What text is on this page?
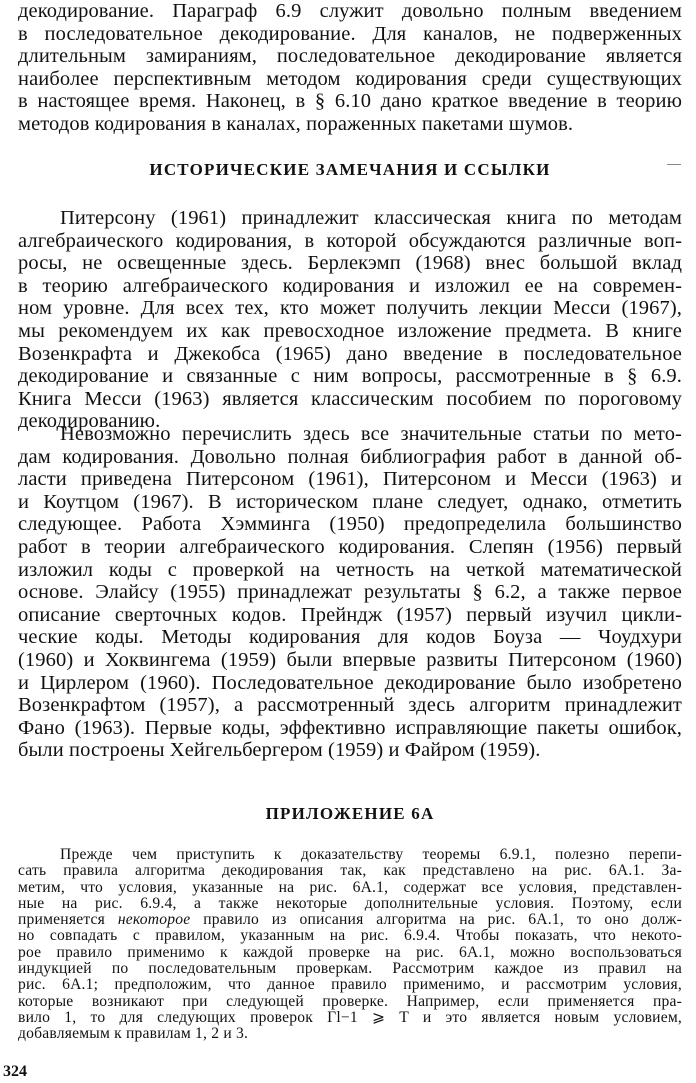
декодирование. Параграф 6.9 служит довольно полным введением
в последовательное декодирование. Для каналов, не подверженных
длительным замираниям, последовательное декодирование является
наиболее перспективным методом кодирования среди существующих
в настоящее время. Наконец, в § 6.10 дано краткое введение в теорию
методов кодирования в каналах, пораженных пакетами шумов.
ИСТОРИЧЕСКИЕ ЗАМЕЧАНИЯ И ССЫЛКИ
Питерсону (1961) принадлежит классическая книга по методам
алгебраического кодирования, в которой обсуждаются различные воп-
росы, не освещенные здесь. Берлекэмп (1968) внес большой вклад
в теорию алгебраического кодирования и изложил ее на современ-
ном уровне. Для всех тех, кто может получить лекции Месси (1967),
мы рекомендуем их как превосходное изложение предмета. В книге
Возенкрафта и Джекобса (1965) дано введение в последовательное
декодирование и связанные с ним вопросы, рассмотренные в § 6.9.
Книга Месси (1963) является классическим пособием по пороговому
декодированию.
Невозможно перечислить здесь все значительные статьи по мето-
дам кодирования. Довольно полная библиография работ в данной об-
ласти приведена Питерсоном (1961), Питерсоном и Месси (1963) и
и Коутцом (1967). В историческом плане следует, однако, отметить
следующее. Работа Хэмминга (1950) предопределила большинство
работ в теории алгебраического кодирования. Слепян (1956) первый
изложил коды с проверкой на четность на четкой математической
основе. Элайсу (1955) принадлежат результаты § 6.2, а также первое
описание сверточных кодов. Прейндж (1957) первый изучил цикли-
ческие коды. Методы кодирования для кодов Боуза — Чоудхури
(1960) и Хоквингема (1959) были впервые развиты Питерсоном (1960)
и Цирлером (1960). Последовательное декодирование было изобретено
Возенкрафтом (1957), а рассмотренный здесь алгоритм принадлежит
Фано (1963). Первые коды, эффективно исправляющие пакеты ошибок,
были построены Хейгельбергером (1959) и Файром (1959).
ПРИЛОЖЕНИЕ 6А
Прежде чем приступить к доказательству теоремы 6.9.1, полезно перепи-
сать правила алгоритма декодирования так, как представлено на рис. 6А.1. За-
метим, что условия, указанные на рис. 6А.1, содержат все условия, представлен-
ные на рис. 6.9.4, а также некоторые дополнительные условия. Поэтому, если
применяется некоторое правило из описания алгоритма на рис. 6А.1, то оно долж-
но совпадать с правилом, указанным на рис. 6.9.4. Чтобы показать, что некото-
рое правило применимо к каждой проверке на рис. 6А.1, можно воспользоваться
индукцией по последовательным проверкам. Рассмотрим каждое из правил на
рис. 6А.1; предположим, что данное правило применимо, и рассмотрим условия,
которые возникают при следующей проверке. Например, если применяется пра-
вило 1, то для следующих проверок Γl−1 ⩾ T и это является новым условием,
добавляемым к правилам 1, 2 и 3.
324
